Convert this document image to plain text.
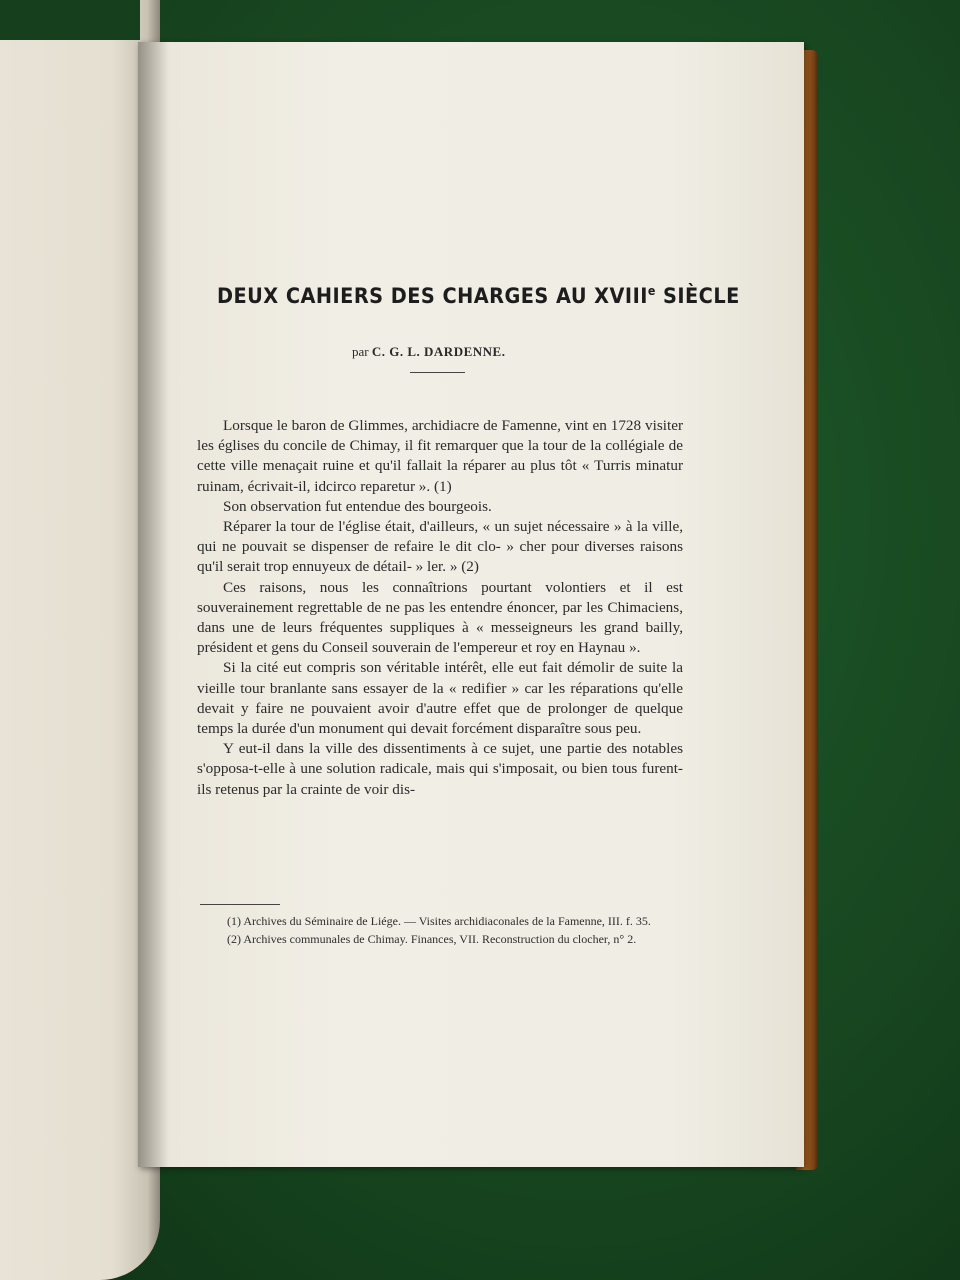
DEUX CAHIERS DES CHARGES AU XVIIIe SIÈCLE
par C. G. L. DARDENNE.

Lorsque le baron de Glimmes, archidiacre de Famenne, vint en 1728 visiter les églises du concile de Chimay, il fit remarquer que la tour de la collégiale de cette ville menaçait ruine et qu'il fallait la réparer au plus tôt « Turris minatur ruinam, écrivait-il, idcirco reparetur ». (1)

Son observation fut entendue des bourgeois.

Réparer la tour de l'église était, d'ailleurs, « un sujet nécessaire » à la ville, qui ne pouvait se dispenser de refaire le dit clo- » cher pour diverses raisons qu'il serait trop ennuyeux de détail- » ler. » (2)

Ces raisons, nous les connaîtrions pourtant volontiers et il est souverainement regrettable de ne pas les entendre énoncer, par les Chimaciens, dans une de leurs fréquentes suppliques à « messeigneurs les grand bailly, président et gens du Conseil souverain de l'empereur et roy en Haynau ».

Si la cité eut compris son véritable intérêt, elle eut fait démolir de suite la vieille tour branlante sans essayer de la « redifier » car les réparations qu'elle devait y faire ne pouvaient avoir d'autre effet que de prolonger de quelque temps la durée d'un monument qui devait forcément disparaître sous peu.

Y eut-il dans la ville des dissentiments à ce sujet, une partie des notables s'opposa-t-elle à une solution radicale, mais qui s'imposait, ou bien tous furent-ils retenus par la crainte de voir dis-

(1) Archives du Séminaire de Liége. — Visites archidiaconales de la Famenne, III. f. 35.

(2) Archives communales de Chimay. Finances, VII. Reconstruction du clocher, n° 2.
